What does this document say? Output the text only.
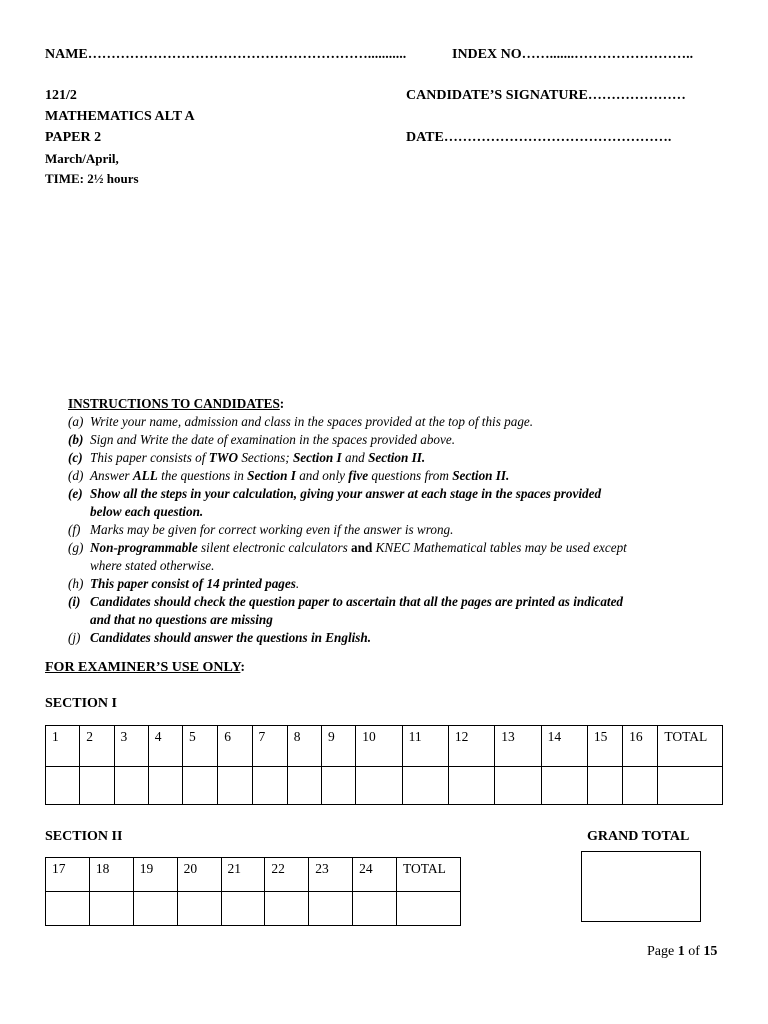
NAME……………………………………………………...........	INDEX NO…….......……………………..
121/2
MATHEMATICS ALT A
PAPER 2
March/April,
TIME: 2½ hours
CANDIDATE’S SIGNATURE…………………
DATE………………………………………….
INSTRUCTIONS TO CANDIDATES:
(a) Write your name, admission and class in the spaces provided at the top of this page.
(b) Sign and Write the date of examination in the spaces provided above.
(c) This paper consists of TWO Sections; Section I and Section II.
(d) Answer ALL the questions in Section I and only five questions from Section II.
(e) Show all the steps in your calculation, giving your answer at each stage in the spaces provided
below each question.
(f) Marks may be given for correct working even if the answer is wrong.
(g) Non-programmable silent electronic calculators and KNEC Mathematical tables may be used except
where stated otherwise.
(h) This paper consist of 14 printed pages.
(i) Candidates should check the question paper to ascertain that all the pages are printed as indicated
and that no questions are missing
(j) Candidates should answer the questions in English.
FOR EXAMINER’S USE ONLY:
SECTION I
1	2	3	4	5	6	7	8	9	10	11	12	13	14	15	16	TOTAL

SECTION II	GRAND TOTAL
17	18	19	20	21	22	23	24	TOTAL

Page 1 of 15
